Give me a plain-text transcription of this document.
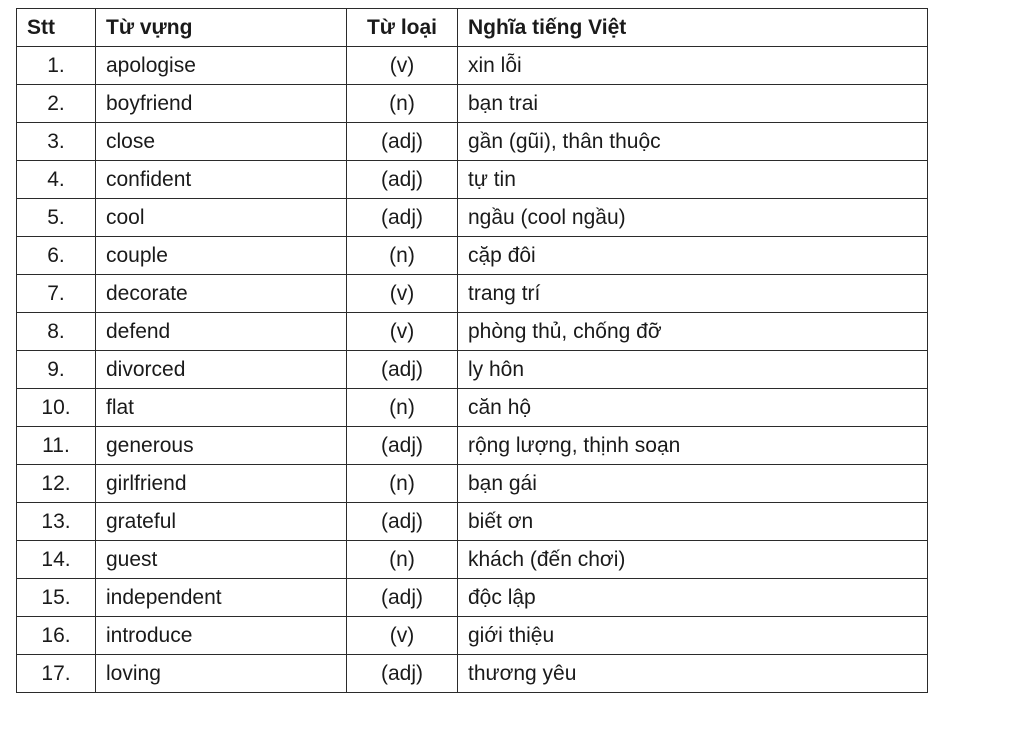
Stt	Từ vựng	Từ loại	Nghĩa tiếng Việt
1.	apologise	(v)	xin lỗi
2.	boyfriend	(n)	bạn trai
3.	close	(adj)	gần (gũi), thân thuộc
4.	confident	(adj)	tự tin
5.	cool	(adj)	ngầu (cool ngầu)
6.	couple	(n)	cặp đôi
7.	decorate	(v)	trang trí
8.	defend	(v)	phòng thủ, chống đỡ
9.	divorced	(adj)	ly hôn
10.	flat	(n)	căn hộ
11.	generous	(adj)	rộng lượng, thịnh soạn
12.	girlfriend	(n)	bạn gái
13.	grateful	(adj)	biết ơn
14.	guest	(n)	khách (đến chơi)
15.	independent	(adj)	độc lập
16.	introduce	(v)	giới thiệu
17.	loving	(adj)	thương yêu
